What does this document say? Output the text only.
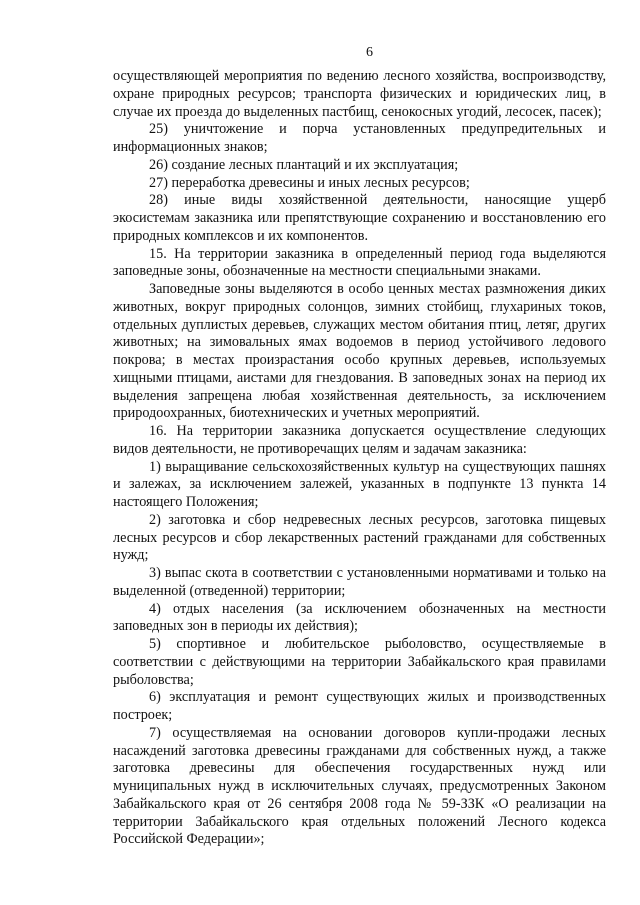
6

осуществляющей мероприятия по ведению лесного хозяйства, воспроизводству, охране природных ресурсов; транспорта физических и юридических лиц, в случае их проезда до выделенных пастбищ, сенокосных угодий, лесосек, пасек);

25) уничтожение и порча установленных предупредительных и информационных знаков;

26) создание лесных плантаций и их эксплуатация;

27) переработка древесины и иных лесных ресурсов;

28) иные виды хозяйственной деятельности, наносящие ущерб экосистемам заказника или препятствующие сохранению и восстановлению его природных комплексов и их компонентов.

15. На территории заказника в определенный период года выделяются заповедные зоны, обозначенные на местности специальными знаками.

Заповедные зоны выделяются в особо ценных местах размножения диких животных, вокруг природных солонцов, зимних стойбищ, глухариных токов, отдельных дуплистых деревьев, служащих местом обитания птиц, летяг, других животных; на зимовальных ямах водоемов в период устойчивого ледового покрова; в местах произрастания особо крупных деревьев, используемых хищными птицами, аистами для гнездования. В заповедных зонах на период их выделения запрещена любая хозяйственная деятельность, за исключением природоохранных, биотехнических и учетных мероприятий.

16. На территории заказника допускается осуществление следующих видов деятельности, не противоречащих целям и задачам заказника:

1) выращивание сельскохозяйственных культур на существующих пашнях и залежах, за исключением залежей, указанных в подпункте 13 пункта 14 настоящего Положения;

2) заготовка и сбор недревесных лесных ресурсов, заготовка пищевых лесных ресурсов и сбор лекарственных растений гражданами для собственных нужд;

3) выпас скота в соответствии с установленными нормативами и только на выделенной (отведенной) территории;

4) отдых населения (за исключением обозначенных на местности заповедных зон в периоды их действия);

5) спортивное и любительское рыболовство, осуществляемые в соответствии с действующими на территории Забайкальского края правилами рыболовства;

6) эксплуатация и ремонт существующих жилых и производственных построек;

7) осуществляемая на основании договоров купли-продажи лесных насаждений заготовка древесины гражданами для собственных нужд, а также заготовка древесины для обеспечения государственных нужд или муниципальных нужд в исключительных случаях, предусмотренных Законом Забайкальского края от 26 сентября 2008 года № 59-ЗЗК «О реализации на территории Забайкальского края отдельных положений Лесного кодекса Российской Федерации»;
